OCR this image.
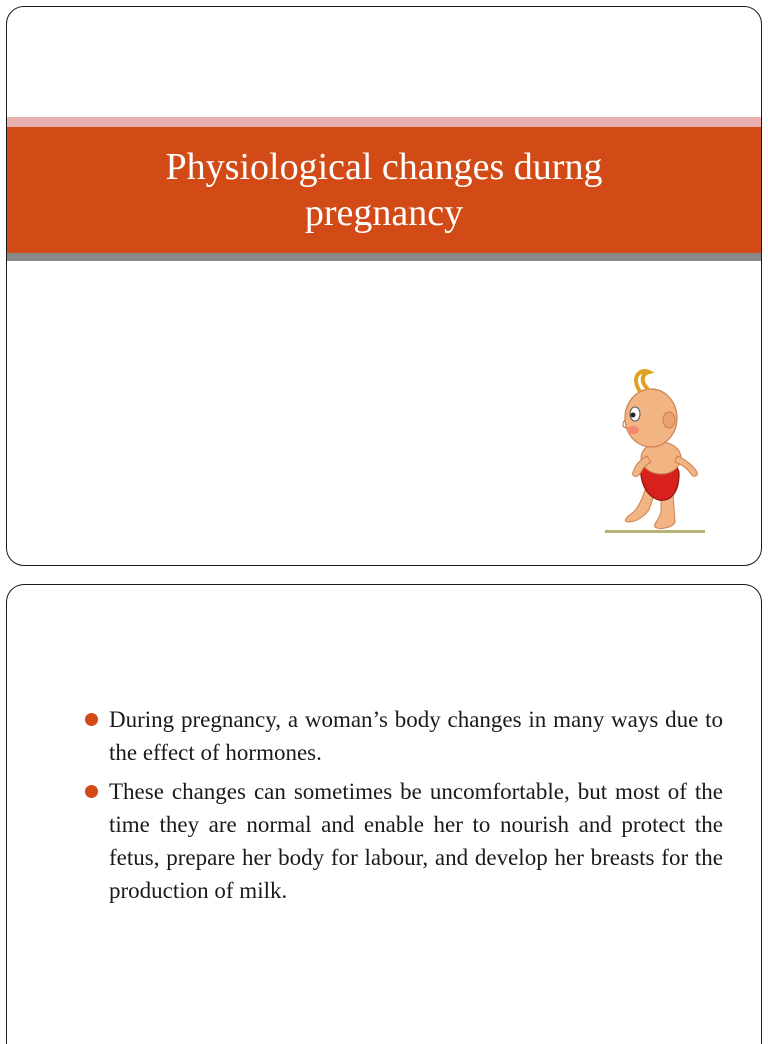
Physiological changes durng pregnancy
During pregnancy, a woman’s body changes in many ways due to the effect of hormones.
These changes can sometimes be uncomfortable, but most of the time they are normal and enable her to nourish and protect the fetus, prepare her body for labour, and develop her breasts for the production of milk.
